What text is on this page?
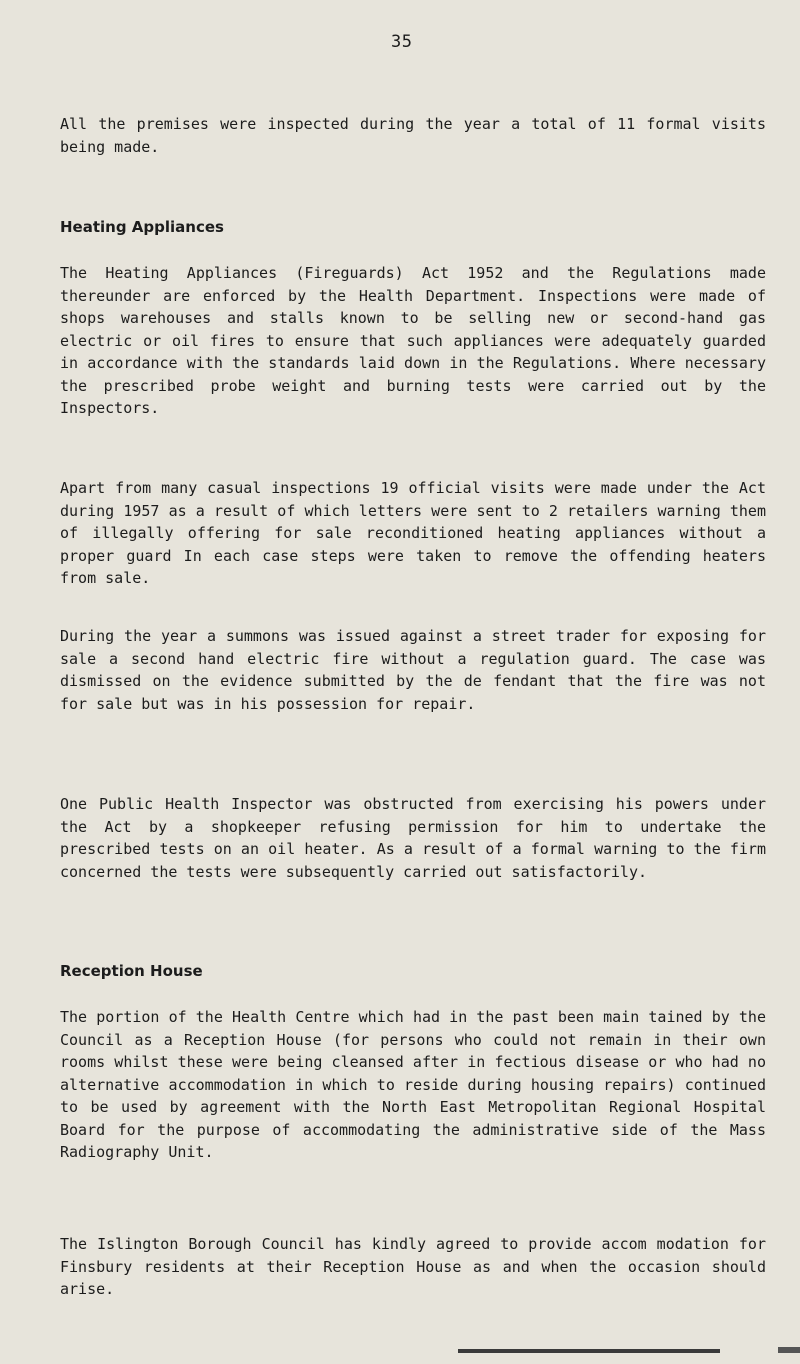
35

All the premises were inspected during the year a total of 11 formal visits being made.

Heating Appliances

The Heating Appliances (Fireguards) Act 1952 and the Regulations made thereunder are enforced by the Health Department. Inspections were made of shops warehouses and stalls known to be selling new or second-hand gas electric or oil fires to ensure that such appliances were adequately guarded in accordance with the standards laid down in the Regulations. Where necessary the prescribed probe weight and burning tests were carried out by the Inspectors.

Apart from many casual inspections 19 official visits were made under the Act during 1957 as a result of which letters were sent to 2 retailers warning them of illegally offering for sale reconditioned heating appliances without a proper guard In each case steps were taken to remove the offending heaters from sale.

During the year a summons was issued against a street trader for exposing for sale a second hand electric fire without a regulation guard. The case was dismissed on the evidence submitted by the de fendant that the fire was not for sale but was in his possession for repair.

One Public Health Inspector was obstructed from exercising his powers under the Act by a shopkeeper refusing permission for him to undertake the prescribed tests on an oil heater. As a result of a formal warning to the firm concerned the tests were subsequently carried out satisfactorily.

Reception House

The portion of the Health Centre which had in the past been main tained by the Council as a Reception House (for persons who could not remain in their own rooms whilst these were being cleansed after in fectious disease or who had no alternative accommodation in which to reside during housing repairs) continued to be used by agreement with the North East Metropolitan Regional Hospital Board for the purpose of accommodating the administrative side of the Mass Radiography Unit.

The Islington Borough Council has kindly agreed to provide accom modation for Finsbury residents at their Reception House as and when the occasion should arise.
